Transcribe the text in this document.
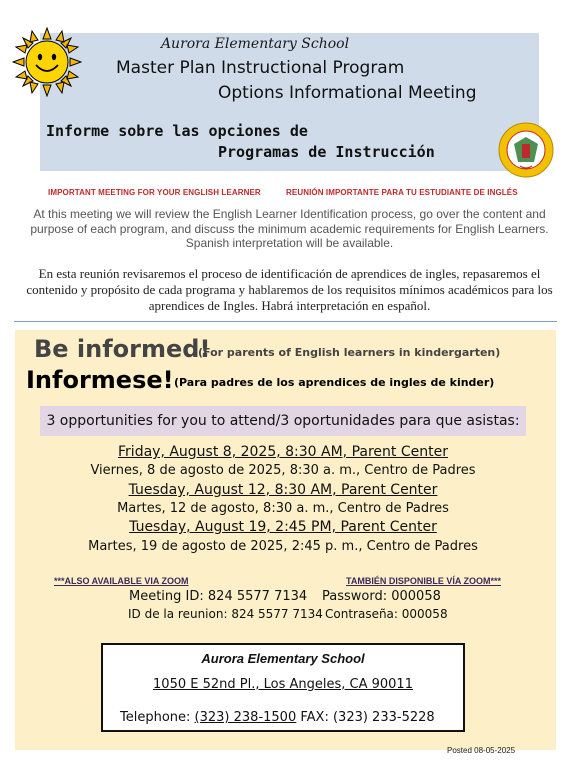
Aurora Elementary School
Master Plan Instructional Program
Options Informational Meeting
Informe sobre las opciones de
Programas de Instrucción
IMPORTANT MEETING FOR YOUR ENGLISH LEARNER	REUNIÓN IMPORTANTE PARA TU ESTUDIANTE DE INGLÉS
At this meeting we will review the English Learner Identification process, go over the content and purpose of each program, and discuss the minimum academic requirements for English Learners. Spanish interpretation will be available.
En esta reunión revisaremos el proceso de identificación de aprendices de ingles, repasaremos el contenido y propósito de cada programa y hablaremos de los requisitos mínimos académicos para los aprendices de Ingles. Habrá interpretación en español.
Be informed!
(For parents of English learners in kindergarten)
Informese! (Para padres de los aprendices de ingles de kinder)
3 opportunities for you to attend/3 oportunidades para que asistas:
Friday, August 8, 2025, 8:30 AM, Parent Center
Viernes, 8 de agosto de 2025, 8:30 a. m., Centro de Padres
Tuesday, August 12, 8:30 AM, Parent Center
Martes, 12 de agosto, 8:30 a. m., Centro de Padres
Tuesday, August 19, 2:45 PM, Parent Center
Martes, 19 de agosto de 2025, 2:45 p. m., Centro de Padres
***ALSO AVAILABLE VIA ZOOM	TAMBIÉN DISPONIBLE VÍA ZOOM***
Meeting ID: 824 5577 7134 Password: 000058
ID de la reunion: 824 5577 7134 Contraseña: 000058
Aurora Elementary School
1050 E 52nd Pl., Los Angeles, CA 90011
Telephone: (323) 238-1500 FAX: (323) 233-5228
Posted 08-05-2025
